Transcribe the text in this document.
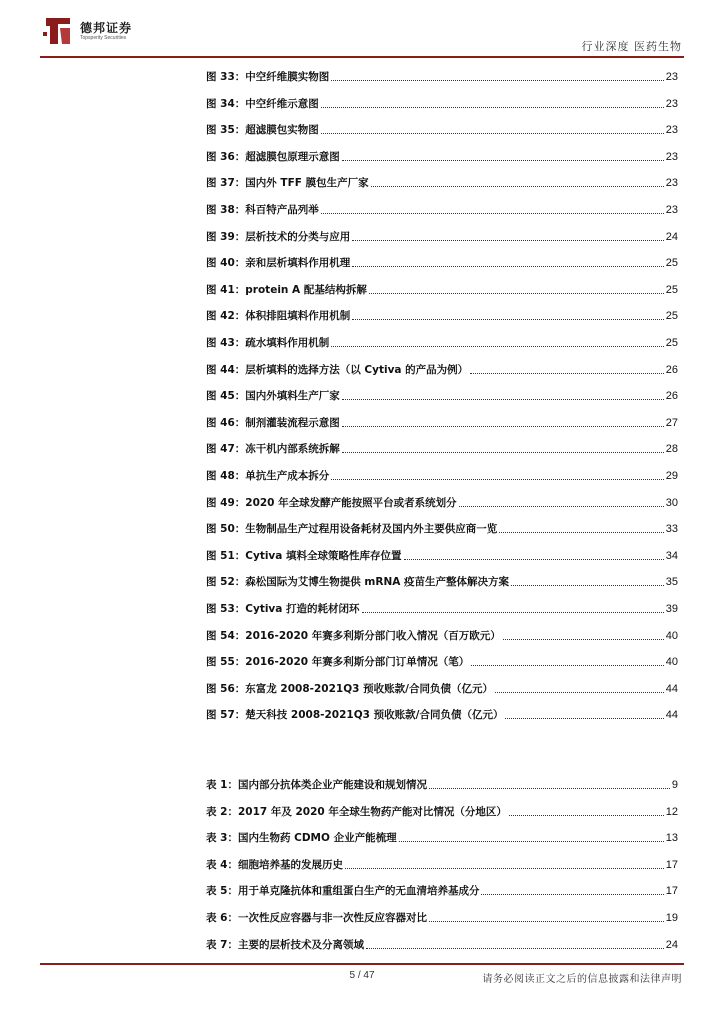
德邦证券
Topsperity Securities
行业深度 医药生物
图 33：中空纤维膜实物图	23
图 34：中空纤维示意图	23
图 35：超滤膜包实物图	23
图 36：超滤膜包原理示意图	23
图 37：国内外 TFF 膜包生产厂家	23
图 38：科百特产品列举	23
图 39：层析技术的分类与应用	24
图 40：亲和层析填料作用机理	25
图 41：protein A 配基结构拆解	25
图 42：体积排阻填料作用机制	25
图 43：疏水填料作用机制	25
图 44：层析填料的选择方法（以 Cytiva 的产品为例）	26
图 45：国内外填料生产厂家	26
图 46：制剂灌装流程示意图	27
图 47：冻干机内部系统拆解	28
图 48：单抗生产成本拆分	29
图 49：2020 年全球发酵产能按照平台或者系统划分	30
图 50：生物制品生产过程用设备耗材及国内外主要供应商一览	33
图 51：Cytiva 填料全球策略性库存位置	34
图 52：森松国际为艾博生物提供 mRNA 疫苗生产整体解决方案	35
图 53：Cytiva 打造的耗材闭环	39
图 54：2016-2020 年赛多利斯分部门收入情况（百万欧元）	40
图 55：2016-2020 年赛多利斯分部门订单情况（笔）	40
图 56：东富龙 2008-2021Q3 预收账款/合同负债（亿元）	44
图 57：楚天科技 2008-2021Q3 预收账款/合同负债（亿元）	44
表 1：国内部分抗体类企业产能建设和规划情况	9
表 2：2017 年及 2020 年全球生物药产能对比情况（分地区）	12
表 3：国内生物药 CDMO 企业产能梳理	13
表 4：细胞培养基的发展历史	17
表 5：用于单克隆抗体和重组蛋白生产的无血清培养基成分	17
表 6：一次性反应容器与非一次性反应容器对比	19
表 7：主要的层析技术及分离领域	24
5 / 47	请务必阅读正文之后的信息披露和法律声明
